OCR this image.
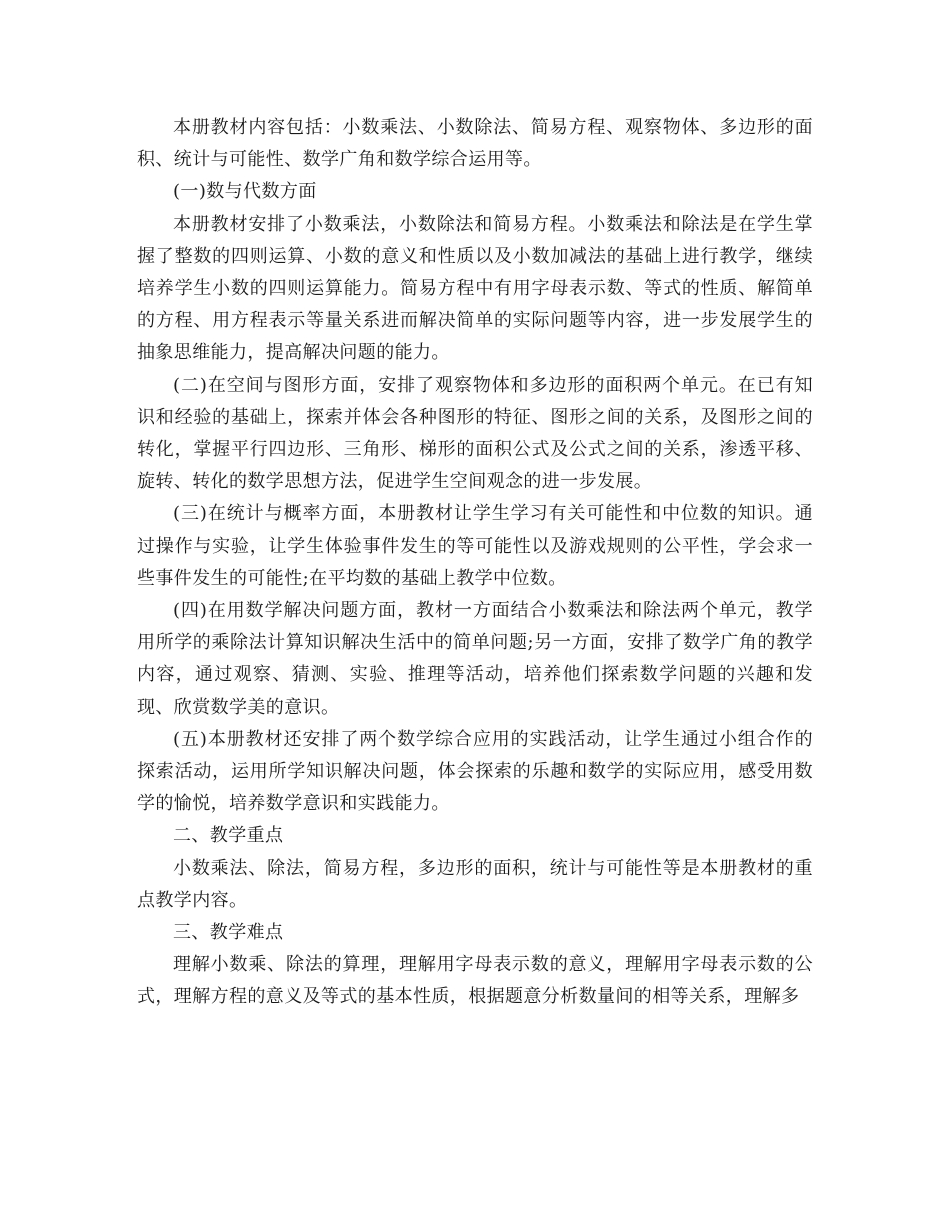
本册教材内容包括：小数乘法、小数除法、简易方程、观察物体、多边形的面积、统计与可能性、数学广角和数学综合运用等。

(一)数与代数方面

本册教材安排了小数乘法，小数除法和简易方程。小数乘法和除法是在学生掌握了整数的四则运算、小数的意义和性质以及小数加减法的基础上进行教学，继续培养学生小数的四则运算能力。简易方程中有用字母表示数、等式的性质、解简单的方程、用方程表示等量关系进而解决简单的实际问题等内容，进一步发展学生的抽象思维能力，提高解决问题的能力。

(二)在空间与图形方面，安排了观察物体和多边形的面积两个单元。在已有知识和经验的基础上，探索并体会各种图形的特征、图形之间的关系，及图形之间的转化，掌握平行四边形、三角形、梯形的面积公式及公式之间的关系，渗透平移、旋转、转化的数学思想方法，促进学生空间观念的进一步发展。

(三)在统计与概率方面，本册教材让学生学习有关可能性和中位数的知识。通过操作与实验，让学生体验事件发生的等可能性以及游戏规则的公平性，学会求一些事件发生的可能性;在平均数的基础上教学中位数。

(四)在用数学解决问题方面，教材一方面结合小数乘法和除法两个单元，教学用所学的乘除法计算知识解决生活中的简单问题;另一方面，安排了数学广角的教学内容，通过观察、猜测、实验、推理等活动，培养他们探索数学问题的兴趣和发现、欣赏数学美的意识。

(五)本册教材还安排了两个数学综合应用的实践活动，让学生通过小组合作的探索活动，运用所学知识解决问题，体会探索的乐趣和数学的实际应用，感受用数学的愉悦，培养数学意识和实践能力。

二、教学重点

小数乘法、除法，简易方程，多边形的面积，统计与可能性等是本册教材的重点教学内容。

三、教学难点

理解小数乘、除法的算理，理解用字母表示数的意义，理解用字母表示数的公式，理解方程的意义及等式的基本性质，根据题意分析数量间的相等关系，理解多
